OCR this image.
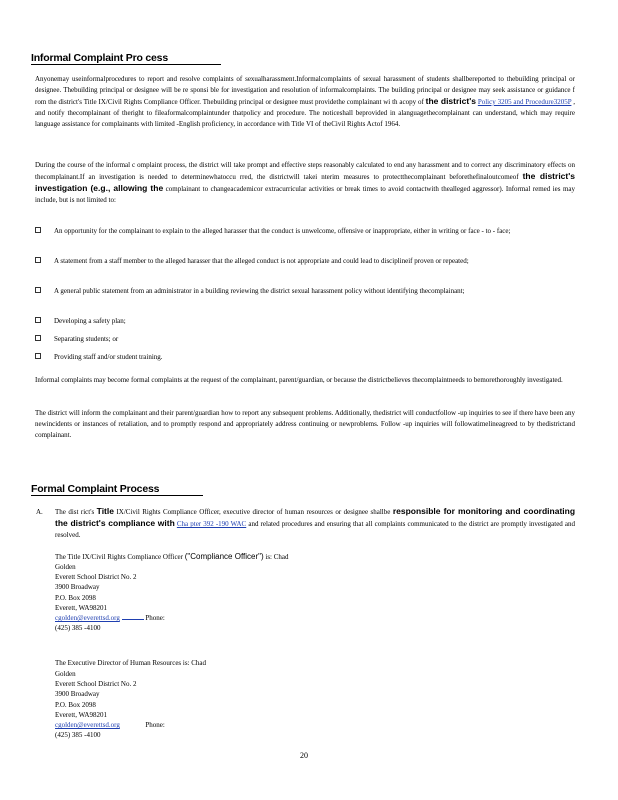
Informal Complaint Pro cess
Anyonemay useinformalprocedures to report and resolve complaints of sexualharassment.Informalcomplaints of sexual harassment of students shallbereported to thebuilding principal or designee. Thebuilding principal or designee will be re sponsi ble for investigation and resolution of informalcomplaints. The building principal or designee may seek assistance or guidance f rom the district's Title IX/Civil Rights Compliance Officer. Thebuilding principal or designee must providethe complainant wi th acopy of the district's Policy 3205 and Procedure3205P , and notify thecomplainant of theright to fileaformalcomplaintunder thatpolicy and procedure. The noticeshall beprovided in alanguagethecomplainant can understand, which may require language assistance for complainants with limited -English proficiency, in accordance with Title VI of theCivil Rights Actof 1964.
During the course of the informal c omplaint process, the district will take prompt and effective steps reasonably calculated to end any harassment and to correct any discriminatory effects on thecomplainant.If an investigation is needed to determinewhatoccu rred, the districtwill takei nterim measures to protectthecomplainant beforethefinaloutcomeof the district's investigation (e.g., allowing the complainant to changeacademicor extracurricular activities or break times to avoid contactwith thealleged aggressor). Informal remed ies may include, but is not limited to:
An opportunity for the complainant to explain to the alleged harasser that the conduct is unwelcome, offensive or inappropriate, either in writing or face - to - face;
A statement from a staff member to the alleged harasser that the alleged conduct is not appropriate and could lead to disciplineif proven or repeated;
A general public statement from an administrator in a building reviewing the district sexual harassment policy without identifying thecomplainant;
Developing a safety plan;
Separating students; or
Providing staff and/or student training.
Informal complaints may become formal complaints at the request of the complainant, parent/guardian, or because the districtbelieves thecomplaintneeds to bemorethoroughly investigated.
The district will inform the complainant and their parent/guardian how to report any subsequent problems. Additionally, thedistrict will conductfollow -up inquiries to see if there have been any newincidents or instances of retaliation, and to promptly respond and appropriately address continuing or newproblems. Follow -up inquiries will followatimelineagreed to by thedistrictand complainant.
Formal Complaint Process
A. The dist rict's Title IX/Civil Rights Compliance Officer, executive director of human resources or designee shallbe responsible for monitoring and coordinating the district's compliance with Cha pter 392 -190 WAC and related procedures and ensuring that all complaints communicated to the district are promptly investigated and resolved.
The Title IX/Civil Rights Compliance Officer ("Compliance Officer") is: Chad
Golden
Everett School District No. 2
3900 Broadway
P.O. Box 2098
Everett, WA98201
cgolden@everettsd.org	Phone:
(425) 385 -4100
The Executive Director of Human Resources is: Chad
Golden
Everett School District No. 2
3900 Broadway
P.O. Box 2098
Everett, WA98201
cgolden@everettsd.org	Phone:
(425) 385 -4100
20
